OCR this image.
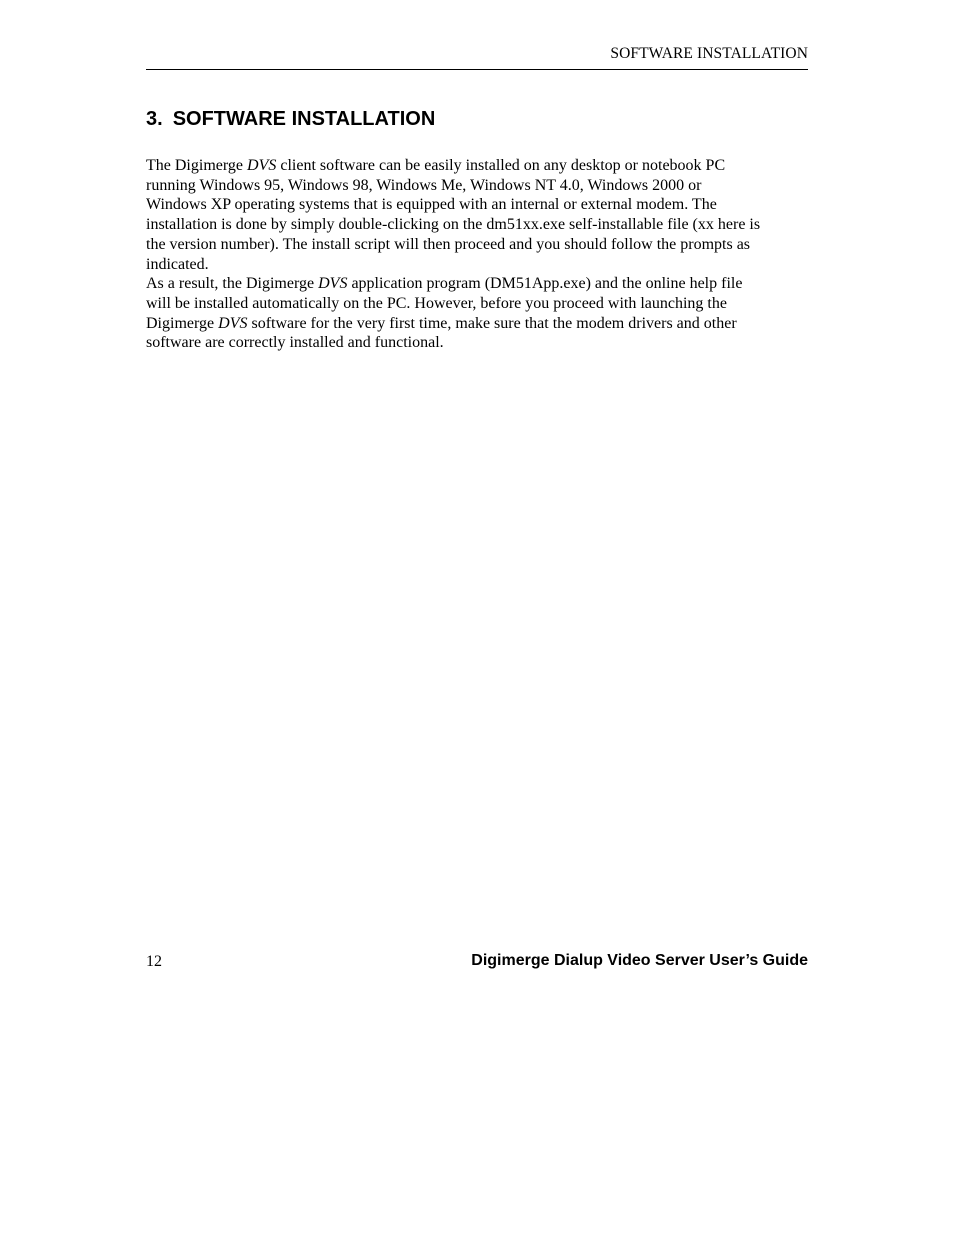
SOFTWARE INSTALLATION
3. SOFTWARE INSTALLATION

The Digimerge DVS client software can be easily installed on any desktop or notebook PC
running Windows 95, Windows 98, Windows Me, Windows NT 4.0, Windows 2000 or
Windows XP operating systems that is equipped with an internal or external modem. The
installation is done by simply double-clicking on the dm51xx.exe self-installable file (xx here is
the version number). The install script will then proceed and you should follow the prompts as
indicated.

As a result, the Digimerge DVS application program (DM51App.exe) and the online help file
will be installed automatically on the PC. However, before you proceed with launching the
Digimerge DVS software for the very first time, make sure that the modem drivers and other
software are correctly installed and functional.

12	Digimerge Dialup Video Server User’s Guide
